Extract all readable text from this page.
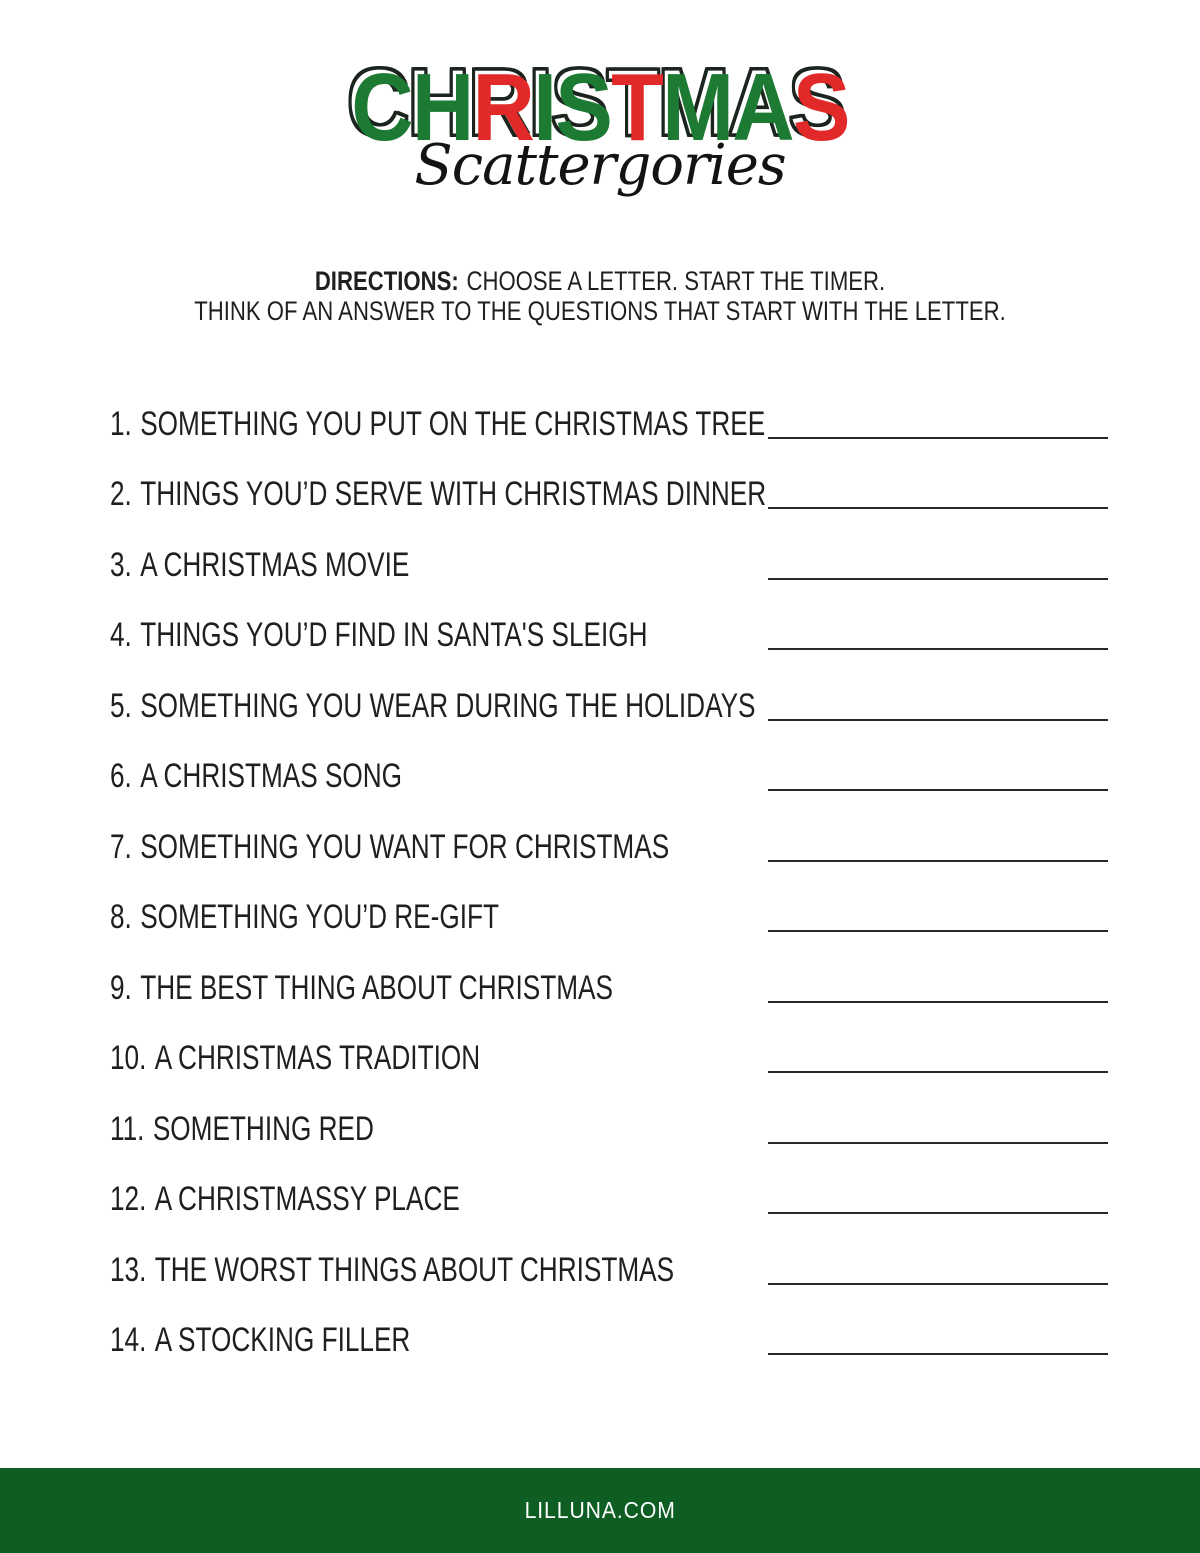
C CH HR RI IS ST TM MA AS S
Scattergories
DIRECTIONS: CHOOSE A LETTER. START THE TIMER.
THINK OF AN ANSWER TO THE QUESTIONS THAT START WITH THE LETTER.
1. SOMETHING YOU PUT ON THE CHRISTMAS TREE
2. THINGS YOU’D SERVE WITH CHRISTMAS DINNER
3. A CHRISTMAS MOVIE
4. THINGS YOU’D FIND IN SANTA'S SLEIGH
5. SOMETHING YOU WEAR DURING THE HOLIDAYS
6. A CHRISTMAS SONG
7. SOMETHING YOU WANT FOR CHRISTMAS
8. SOMETHING YOU’D RE-GIFT
9. THE BEST THING ABOUT CHRISTMAS
10. A CHRISTMAS TRADITION
11. SOMETHING RED
12. A CHRISTMASSY PLACE
13. THE WORST THINGS ABOUT CHRISTMAS
14. A STOCKING FILLER
LILLUNA.COM
